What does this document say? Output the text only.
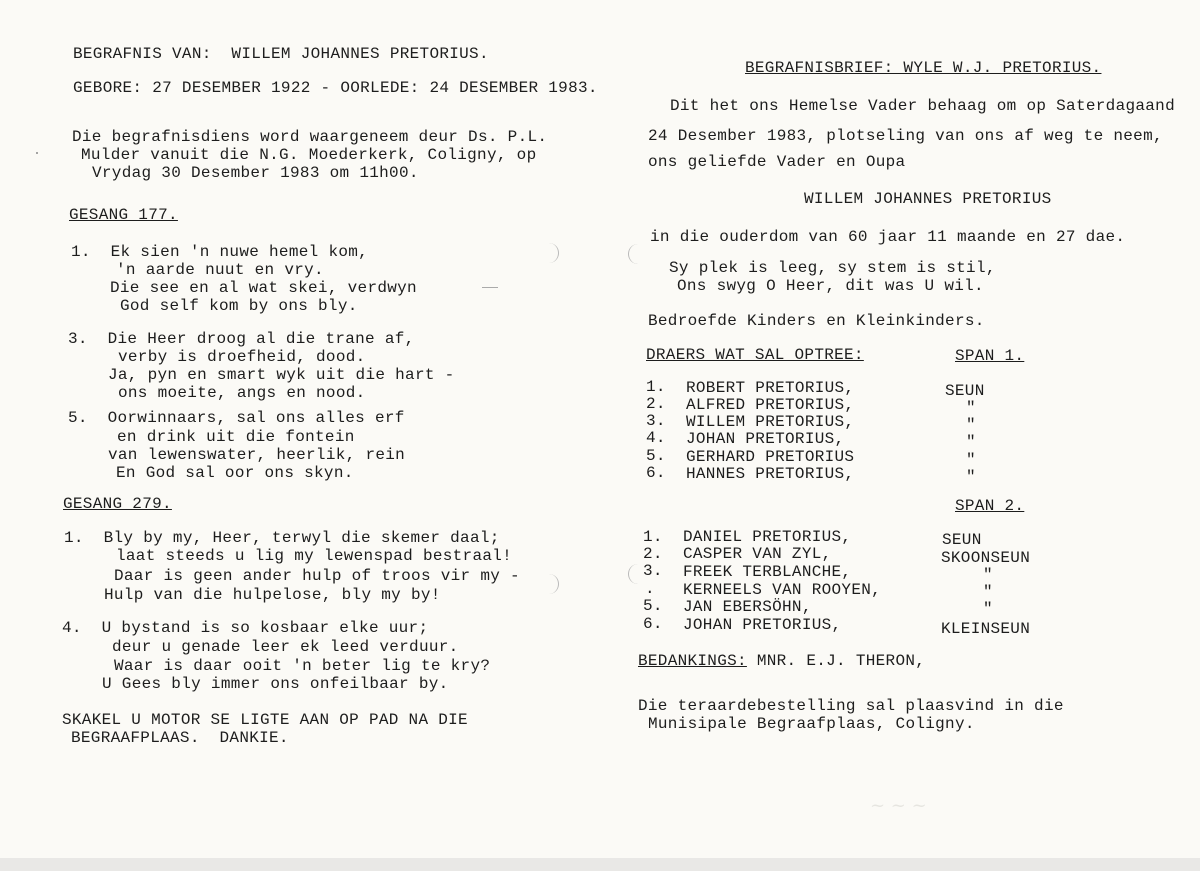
~ ~ ~
BEGRAFNIS VAN:  WILLEM JOHANNES PRETORIUS.
GEBORE: 27 DESEMBER 1922 - OORLEDE: 24 DESEMBER 1983.
Die begrafnisdiens word waargeneem deur Ds. P.L.
Mulder vanuit die N.G. Moederkerk, Coligny, op
Vrydag 30 Desember 1983 om 11h00.
GESANG 177.
1.  Ek sien 'n nuwe hemel kom,
'n aarde nuut en vry.
Die see en al wat skei, verdwyn
God self kom by ons bly.
3.  Die Heer droog al die trane af,
verby is droefheid, dood.
Ja, pyn en smart wyk uit die hart -
ons moeite, angs en nood.
5.  Oorwinnaars, sal ons alles erf
en drink uit die fontein
van lewenswater, heerlik, rein
En God sal oor ons skyn.
GESANG 279.
1.  Bly by my, Heer, terwyl die skemer daal;
laat steeds u lig my lewenspad bestraal!
Daar is geen ander hulp of troos vir my -
Hulp van die hulpelose, bly my by!
4.  U bystand is so kosbaar elke uur;
deur u genade leer ek leed verduur.
Waar is daar ooit 'n beter lig te kry?
U Gees bly immer ons onfeilbaar by.
SKAKEL U MOTOR SE LIGTE AAN OP PAD NA DIE
BEGRAAFPLAAS.  DANKIE.
BEGRAFNISBRIEF: WYLE W.J. PRETORIUS.
Dit het ons Hemelse Vader behaag om op Saterdagaand
24 Desember 1983, plotseling van ons af weg te neem,
ons geliefde Vader en Oupa
WILLEM JOHANNES PRETORIUS
in die ouderdom van 60 jaar 11 maande en 27 dae.
Sy plek is leeg, sy stem is stil,
Ons swyg O Heer, dit was U wil.
Bedroefde Kinders en Kleinkinders.
DRAERS WAT SAL OPTREE:	SPAN 1.
1. ROBERT PRETORIUS,	SEUN
2. ALFRED PRETORIUS,	"
3. WILLEM PRETORIUS,	"
4. JOHAN PRETORIUS,	"
5. GERHARD PRETORIUS	"
6. HANNES PRETORIUS,	"
SPAN 2.
1. DANIEL PRETORIUS,	SEUN
2. CASPER VAN ZYL,	SKOONSEUN
3. FREEK TERBLANCHE,	"
. KERNEELS VAN ROOYEN,	"
5. JAN EBERSÖHN,	"
6. JOHAN PRETORIUS,	KLEINSEUN
BEDANKINGS: MNR. E.J. THERON,
Die teraardebestelling sal plaasvind in die
Munisipale Begraafplaas, Coligny.
